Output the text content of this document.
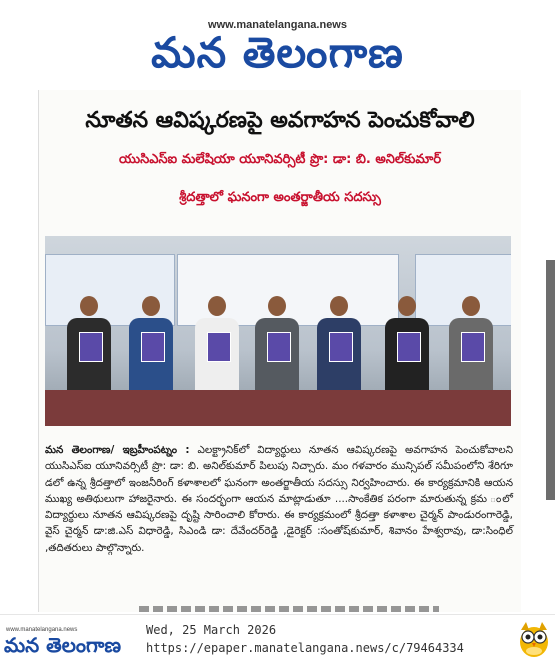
www.manatelangana.news
మన తెలంగాణ
నూతన ఆవిష్కరణపై అవగాహన పెంచుకోవాలి
యుసిఎస్ఐ మలేషియా యూనివర్సిటీ ప్రొ: డా: బి. అనిల్‌కుమార్
శ్రీదత్తాలో ఘనంగా అంతర్జాతీయ సదస్సు
మన తెలంగాణ/ ఇబ్రహీంపట్నం : ఎలక్ట్రానిక్‌లో విద్యార్థులు నూతన ఆవిష్కరణపై అవగాహన పెంచుకోవాలని యుసిఎస్ఐ యూనివర్సిటీ ప్రొ: డా: బి. అనిల్‌కుమార్ పిలుపు నిచ్చారు. మం గళవారం మున్సిపల్ సమీపంలోని శేరిగూ డలో ఉన్న శ్రీదత్తాలో ఇంజనీరింగ్ కళాశాలలో ఘనంగా అంతర్జాతీయ సదస్సు నిర్వహించారు. ఈ కార్యక్రమానికి ఆయన ముఖ్య అతిథులుగా హాజరైనారు. ఈ సందర్భంగా ఆయన మాట్లాడుతూ ....సాంకేతిక పరంగా మారుతున్న క్రమ ంలో విద్యార్థులు నూతన ఆవిష్కరణపై దృష్టి సారించాలి కోరారు. ఈ కార్యక్రమంలో శ్రీదత్తా కళాశాల చైర్మన్ పాండురంగారెడ్డి, వైస్ చైర్మన్ డా:జి.ఎస్ విధారెడ్డి, సిఎండి డా: దేవేందర్‌రెడ్డి ,డైరెక్టర్ :సంతోష్‌కుమార్, శివానం హేశ్వరావు, డా:సింధిల్ ,తదితరులు పాల్గొన్నారు.
www.manatelangana.news
మన తెలంగాణ
Wed, 25 March 2026
https://epaper.manatelangana.news/c/79464334
